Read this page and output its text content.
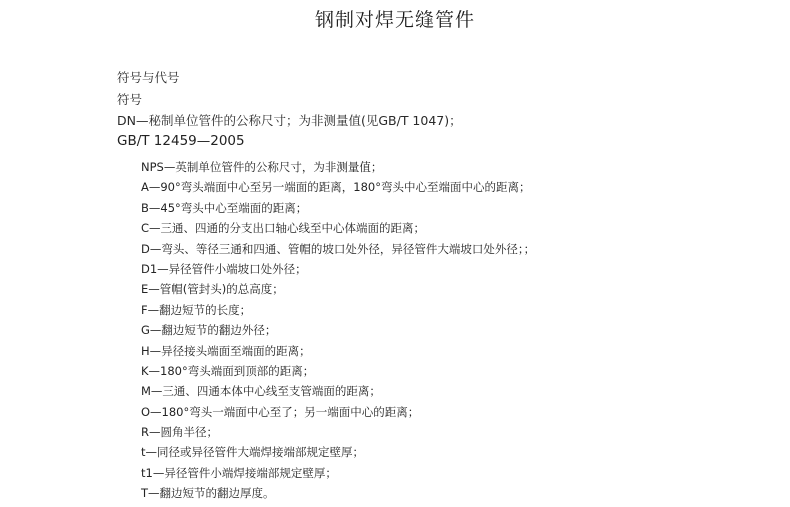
钢制对焊无缝管件
符号与代号
符号
DN—秘制单位管件的公称尺寸；为非测量值(见GB/T 1047)；
GB/T 12459—2005
NPS—英制单位管件的公称尺寸，为非测量值；
A—90°弯头端面中心至另一端面的距离，180°弯头中心至端面中心的距离；
B—45°弯头中心至端面的距离；
C—三通、四通的分支出口轴心线至中心体端面的距离；
D—弯头、等径三通和四通、管帽的坡口处外径，异径管件大端坡口处外径；；
D1—异径管件小端坡口处外径；
E—管帽(管封头)的总高度；
F—翻边短节的长度；
G—翻边短节的翻边外径；
H—异径接头端面至端面的距离；
K—180°弯头端面到顶部的距离；
M—三通、四通本体中心线至支管端面的距离；
O—180°弯头一端面中心至了；另一端面中心的距离；
R—圆角半径；
t—同径或异径管件大端焊接端部规定壁厚；
t1—异径管件小端焊接端部规定壁厚；
T—翻边短节的翻边厚度。
